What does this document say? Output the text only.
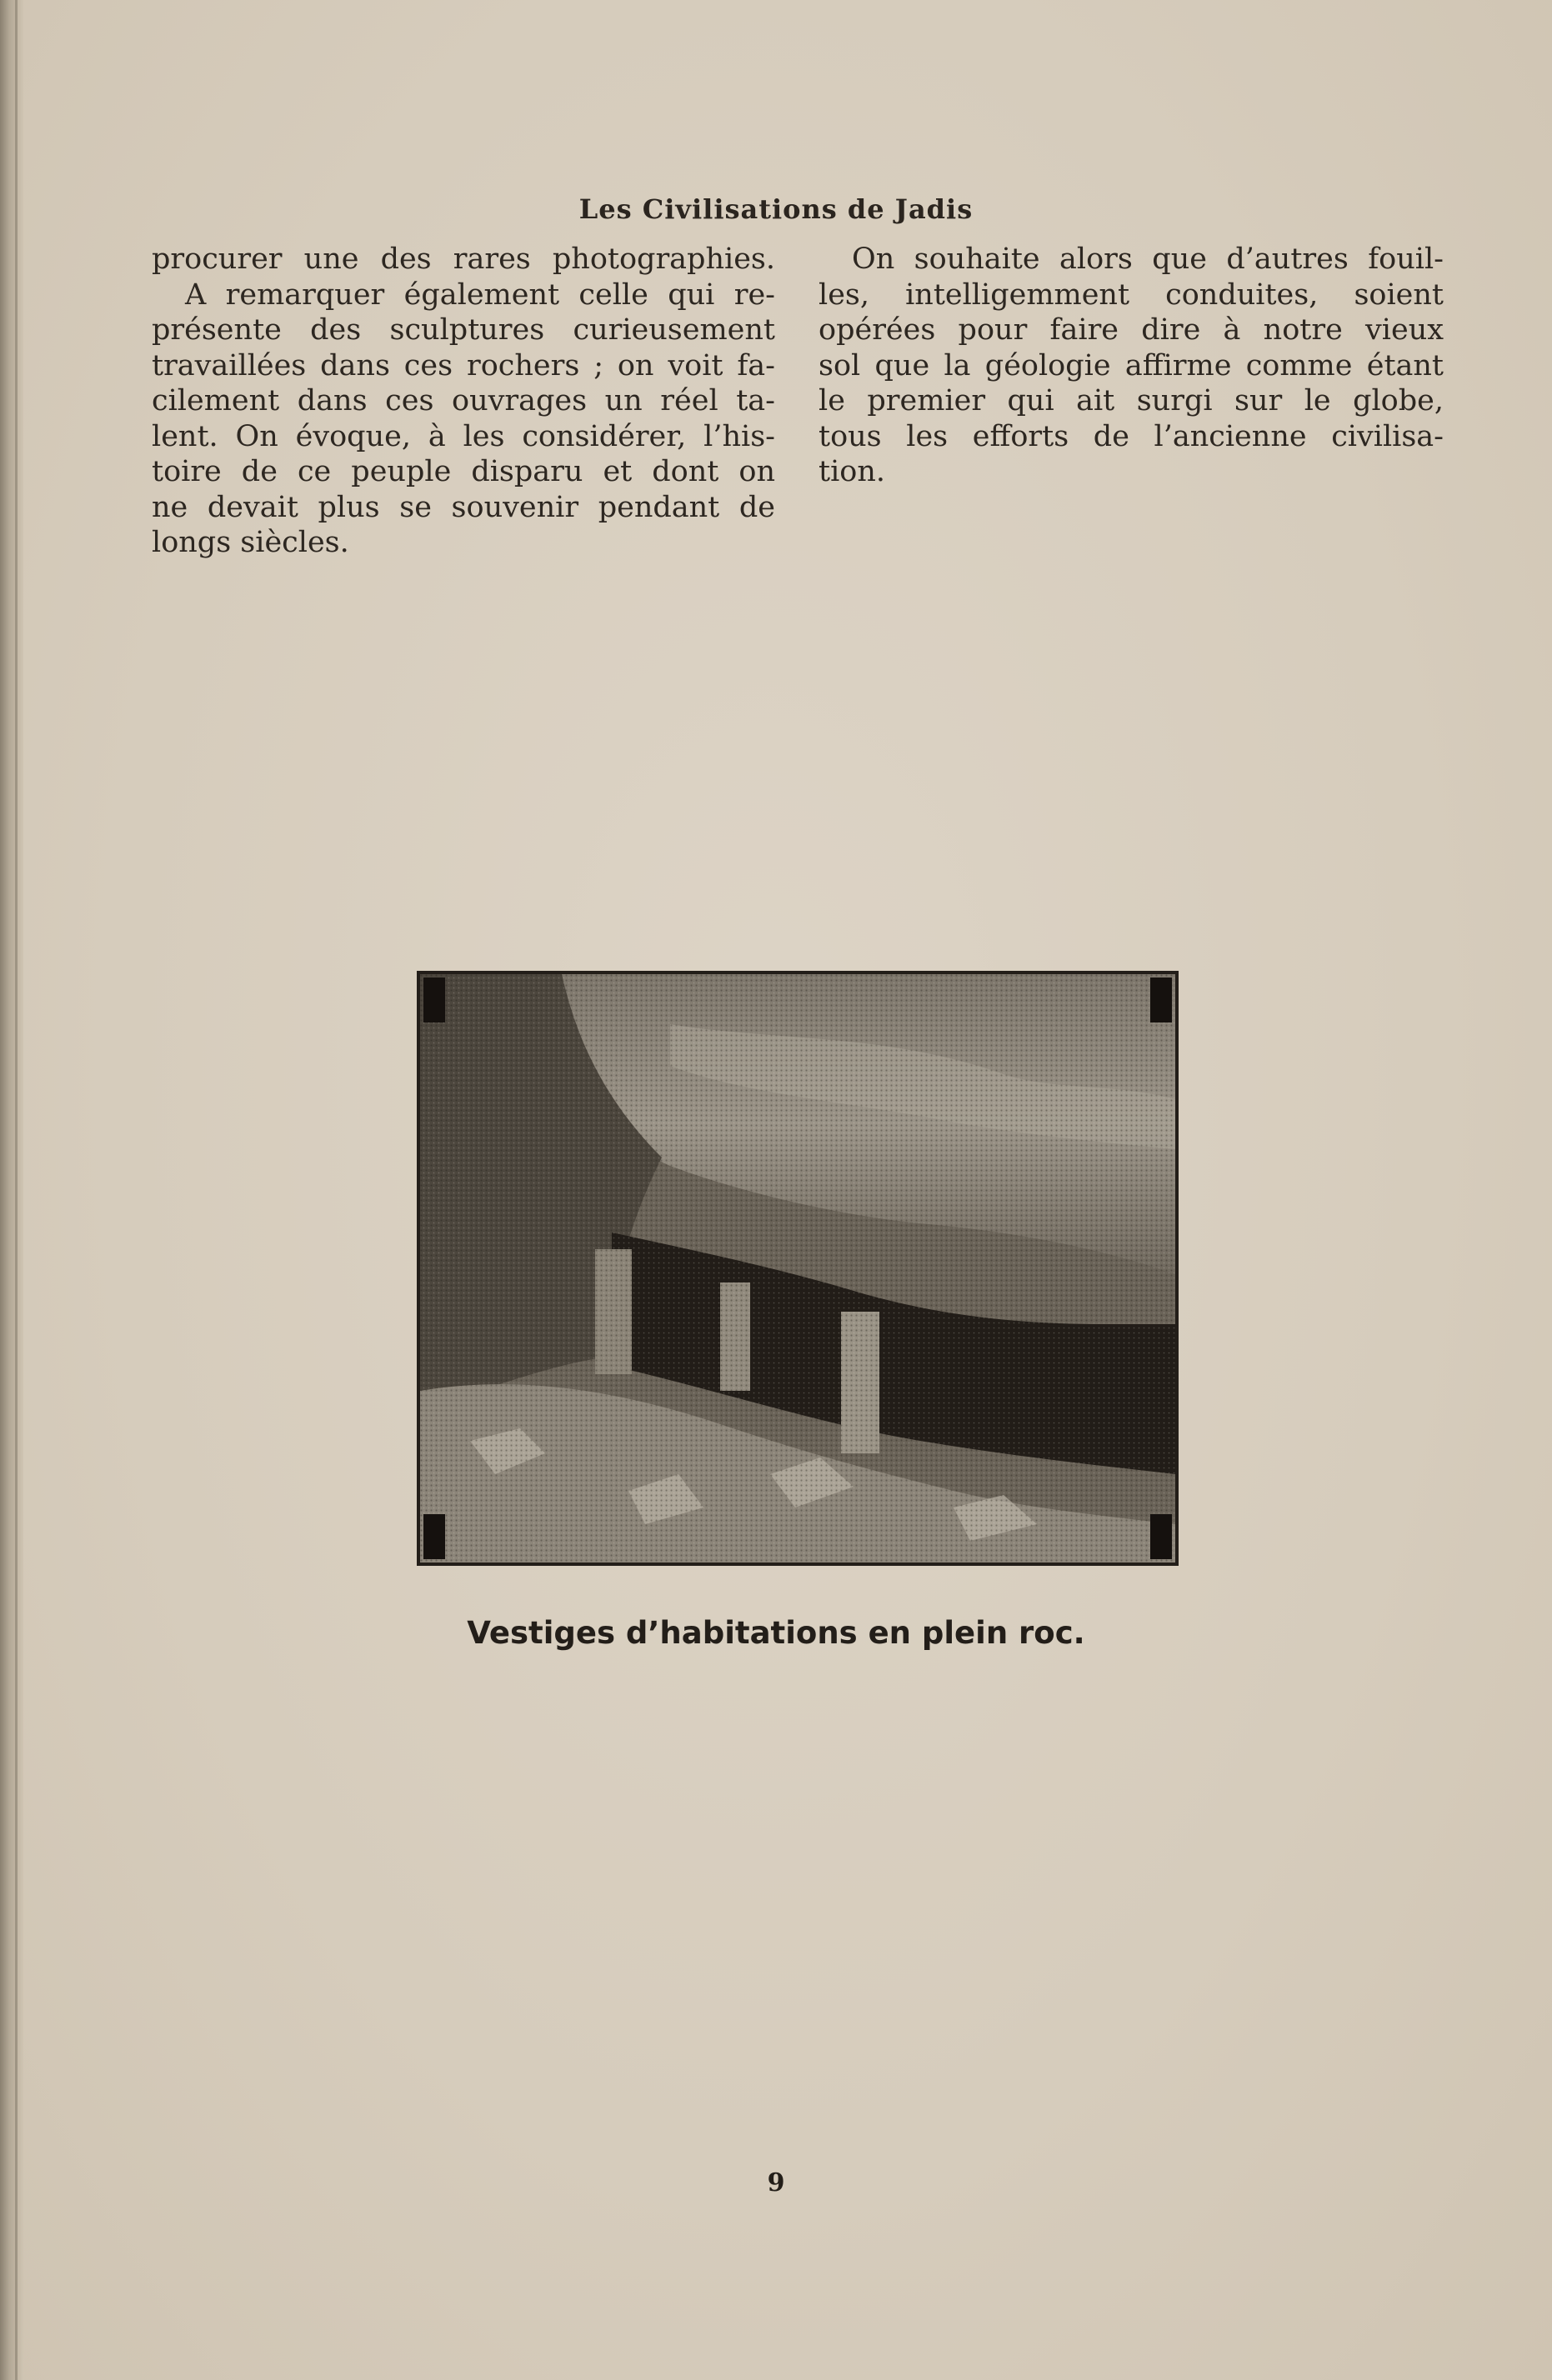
Les Civilisations de Jadis

procurer une des rares photographies.
A remarquer également celle qui re-
présente des sculptures curieusement
travaillées dans ces rochers ; on voit fa-
cilement dans ces ouvrages un réel ta-
lent. On évoque, à les considérer, l’his-
toire de ce peuple disparu et dont on
ne devait plus se souvenir pendant de
longs siècles.

On souhaite alors que d’autres fouil-
les, intelligemment conduites, soient
opérées pour faire dire à notre vieux
sol que la géologie affirme comme étant
le premier qui ait surgi sur le globe,
tous les efforts de l’ancienne civilisa-
tion.

Vestiges d’habitations en plein roc.
9
